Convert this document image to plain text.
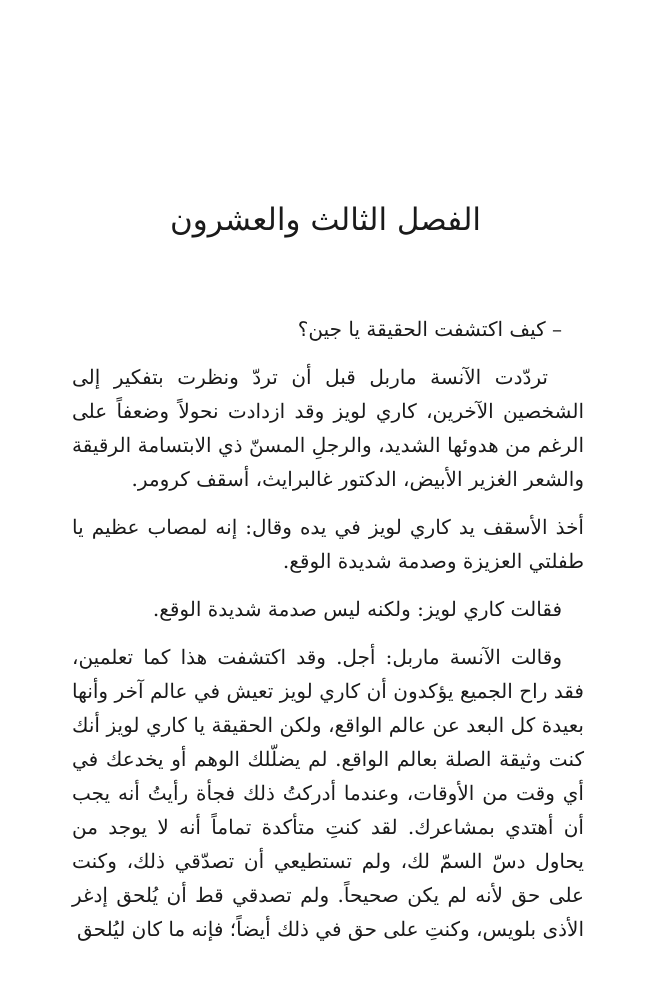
الفصل الثالث والعشرون

– كيف اكتشفت الحقيقة يا جين؟

تردّدت الآنسة ماربل قبل أن تردّ ونظرت بتفكير إلى الشخصين الآخرين، كاري لويز وقد ازدادت نحولاً وضعفاً على الرغم من هدوئها الشديد، والرجلِ المسنّ ذي الابتسامة الرقيقة والشعر الغزير الأبيض، الدكتور غالبرايث، أسقف كرومر.

أخذ الأسقف يد كاري لويز في يده وقال: إنه لمصاب عظيم يا طفلتي العزيزة وصدمة شديدة الوقع.

فقالت كاري لويز: ولكنه ليس صدمة شديدة الوقع.

وقالت الآنسة ماربل: أجل. وقد اكتشفت هذا كما تعلمين، فقد راح الجميع يؤكدون أن كاري لويز تعيش في عالم آخر وأنها بعيدة كل البعد عن عالم الواقع، ولكن الحقيقة يا كاري لويز أنك كنت وثيقة الصلة بعالم الواقع. لم يضلّلك الوهم أو يخدعك في أي وقت من الأوقات، وعندما أدركتُ ذلك فجأة رأيتُ أنه يجب أن أهتدي بمشاعرك. لقد كنتِ متأكدة تماماً أنه لا يوجد من يحاول دسّ السمّ لك، ولم تستطيعي أن تصدّقي ذلك، وكنت على حق لأنه لم يكن صحيحاً. ولم تصدقي قط أن يُلحق إدغر الأذى بلويس، وكنتِ على حق في ذلك أيضاً؛ فإنه ما كان ليُلحق
